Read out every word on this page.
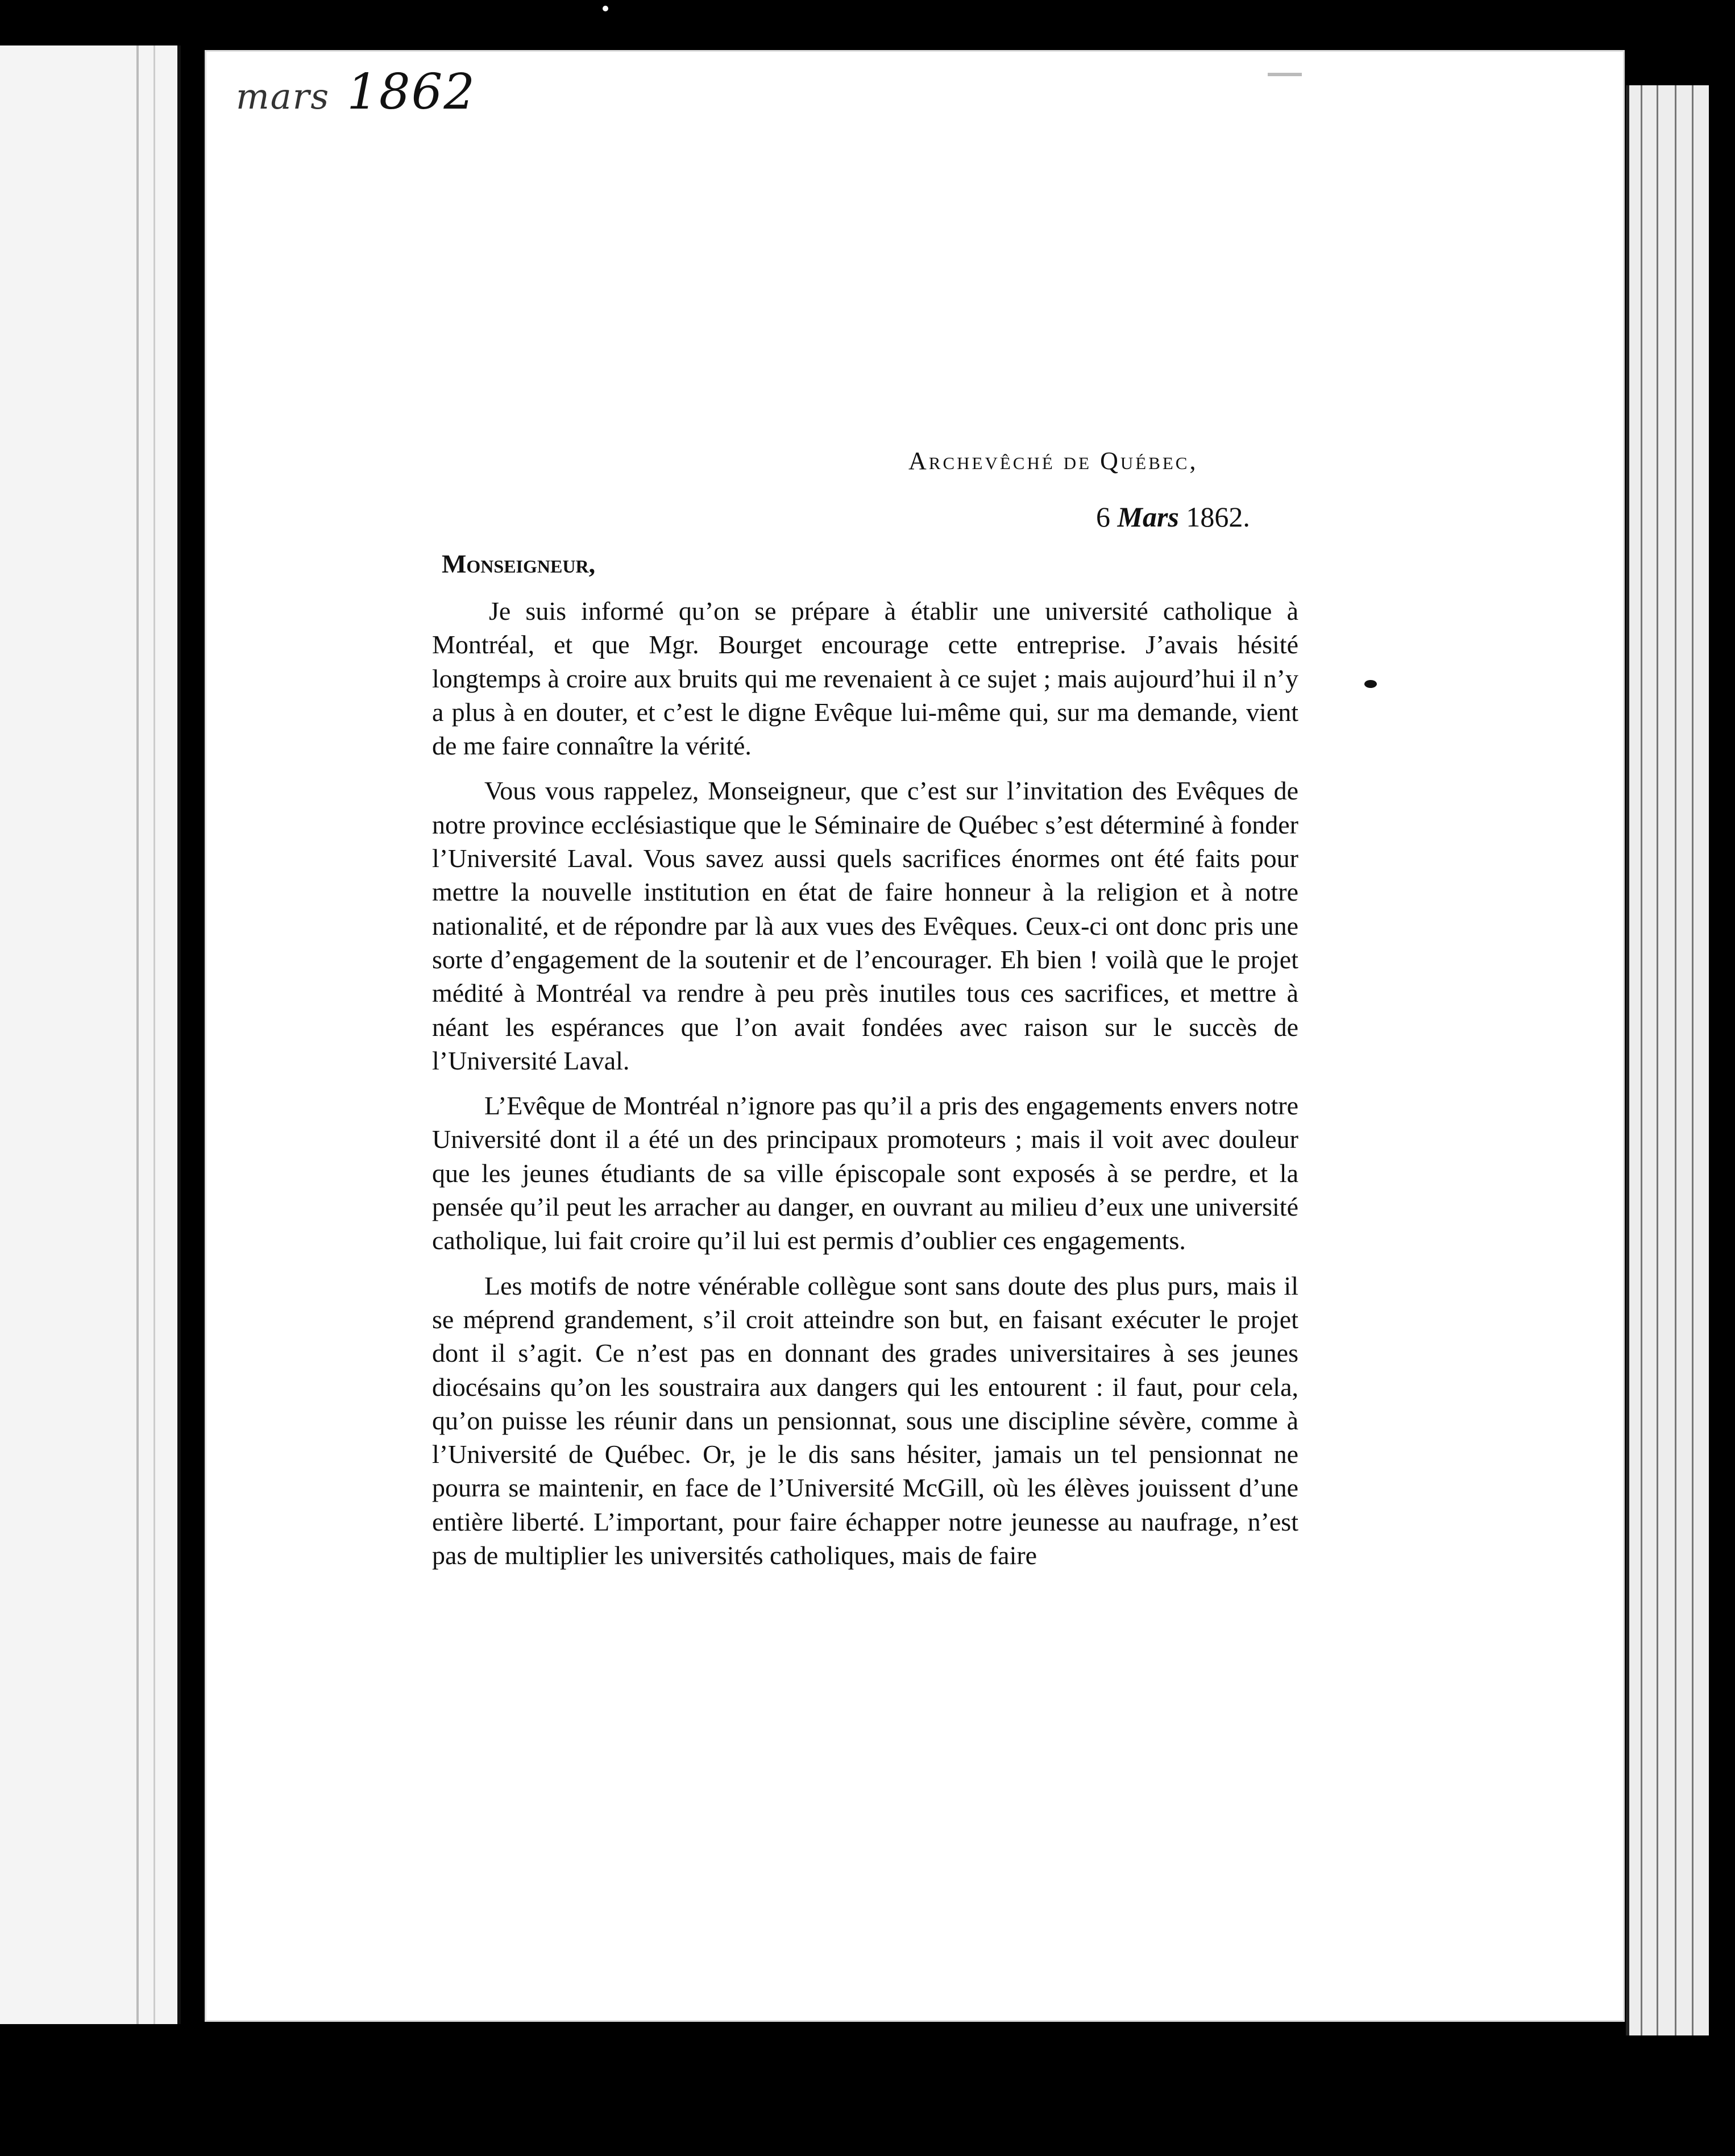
mars 1862
Archevêché de Québec,
6 Mars 1862.
Monseigneur,

Je suis informé qu’on se prépare à établir une université catholique à Montréal, et que Mgr. Bourget encourage cette entreprise. J’avais hésité longtemps à croire aux bruits qui me revenaient à ce sujet ; mais aujourd’hui il n’y a plus à en douter, et c’est le digne Evêque lui-même qui, sur ma demande, vient de me faire connaître la vérité.

Vous vous rappelez, Monseigneur, que c’est sur l’invitation des Evêques de notre province ecclésiastique que le Séminaire de Québec s’est déterminé à fonder l’Université Laval. Vous savez aussi quels sacrifices énormes ont été faits pour mettre la nouvelle institution en état de faire honneur à la religion et à notre nationalité, et de répondre par là aux vues des Evêques. Ceux-ci ont donc pris une sorte d’engagement de la soutenir et de l’encourager. Eh bien ! voilà que le projet médité à Montréal va rendre à peu près inutiles tous ces sacrifices, et mettre à néant les espérances que l’on avait fondées avec raison sur le succès de l’Université Laval.

L’Evêque de Montréal n’ignore pas qu’il a pris des engagements envers notre Université dont il a été un des principaux promoteurs ; mais il voit avec douleur que les jeunes étudiants de sa ville épiscopale sont exposés à se perdre, et la pensée qu’il peut les arracher au danger, en ouvrant au milieu d’eux une université catholique, lui fait croire qu’il lui est permis d’oublier ces engagements.

Les motifs de notre vénérable collègue sont sans doute des plus purs, mais il se méprend grandement, s’il croit atteindre son but, en faisant exécuter le projet dont il s’agit. Ce n’est pas en donnant des grades universitaires à ses jeunes diocésains qu’on les soustraira aux dangers qui les entourent : il faut, pour cela, qu’on puisse les réunir dans un pensionnat, sous une discipline sévère, comme à l’Université de Québec. Or, je le dis sans hésiter, jamais un tel pensionnat ne pourra se maintenir, en face de l’Université McGill, où les élèves jouissent d’une entière liberté. L’important, pour faire échapper notre jeunesse au naufrage, n’est pas de multiplier les universités catholiques, mais de faire
